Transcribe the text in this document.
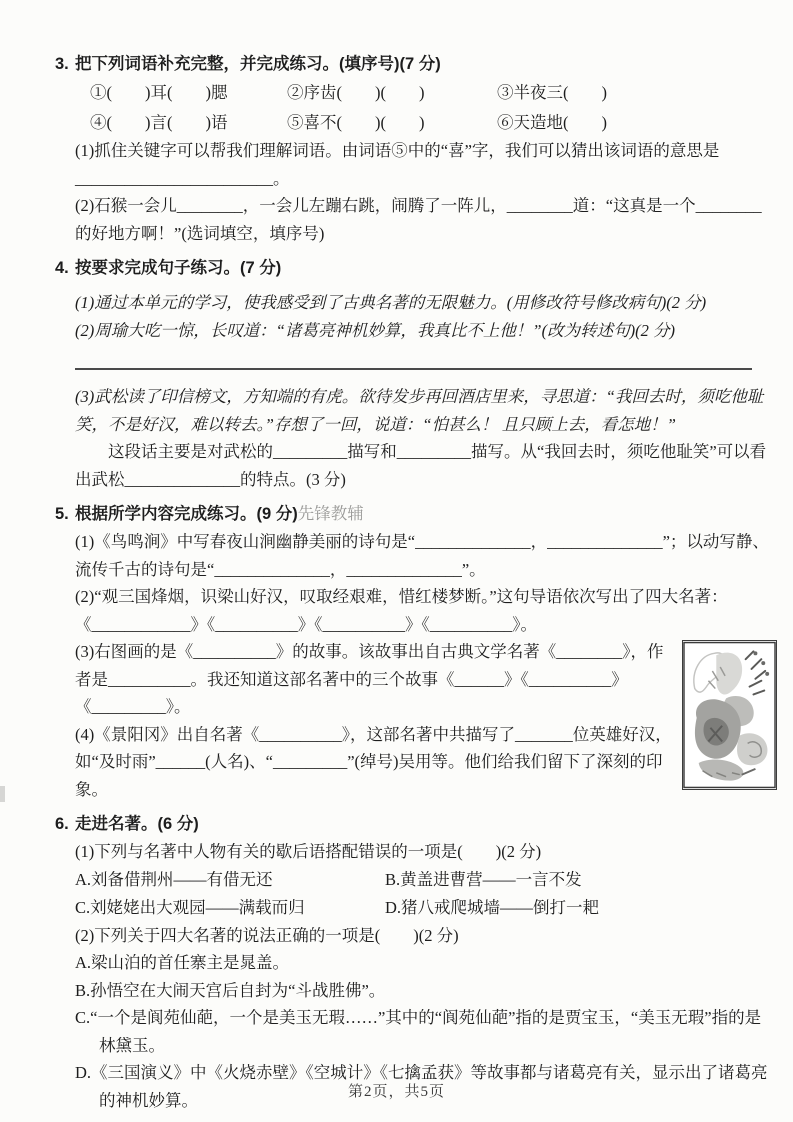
3. 把下列词语补充完整，并完成练习。(填序号)(7 分)
①(　　)耳(　　)腮	②序齿(　　)(　　)	③半夜三(　　)
④(　　)言(　　)语	⑤喜不(　　)(　　)	⑥天造地(　　)

(1)抓住关键字可以帮我们理解词语。由词语⑤中的“喜”字，我们可以猜出该词语的意思是

________________________。

(2)石猴一会儿________，一会儿左蹦右跳，闹腾了一阵儿，________道：“这真是一个________的好地方啊！”(选词填空，填序号)

4. 按要求完成句子练习。(7 分)

(1)通过本单元的学习，使我感受到了古典名著的无限魅力。(用修改符号修改病句)(2 分)

(2)周瑜大吃一惊，长叹道：“诸葛亮神机妙算，我真比不上他！”(改为转述句)(2 分)

(3)武松读了印信榜文，方知端的有虎。欲待发步再回酒店里来，寻思道：“我回去时，须吃他耻笑，不是好汉，难以转去。”存想了一回，说道：“怕甚么！ 且只顾上去，看怎地！”

　　这段话主要是对武松的_________描写和_________描写。从“我回去时，须吃他耻笑”可以看出武松______________的特点。(3 分)

5. 根据所学内容完成练习。(9 分)先锋教辅

(1)《鸟鸣涧》中写春夜山涧幽静美丽的诗句是“______________，______________”；以动写静、流传千古的诗句是“______________，______________”。

(2)“观三国烽烟，识梁山好汉，叹取经艰难，惜红楼梦断。”这句导语依次写出了四大名著：《____________》《__________》《__________》《__________》。

(3)右图画的是《__________》的故事。该故事出自古典文学名著《________》，作者是__________。我还知道这部名著中的三个故事《______》《__________》《_________》。

(4)《景阳冈》出自名著《__________》，这部名著中共描写了_______位英雄好汉，如“及时雨”______(人名)、“_________”(绰号)吴用等。他们给我们留下了深刻的印象。

6. 走进名著。(6 分)

(1)下列与名著中人物有关的歇后语搭配错误的一项是(　　)(2 分)

A.刘备借荆州——有借无还	B.黄盖进曹营——一言不发
C.刘姥姥出大观园——满载而归	D.猪八戒爬城墙——倒打一耙

(2)下列关于四大名著的说法正确的一项是(　　)(2 分)

A.梁山泊的首任寨主是晁盖。

B.孙悟空在大闹天宫后自封为“斗战胜佛”。

C.“一个是阆苑仙葩，一个是美玉无瑕……”其中的“阆苑仙葩”指的是贾宝玉，“美玉无瑕”指的是林黛玉。

D.《三国演义》中《火烧赤壁》《空城计》《七擒孟获》等故事都与诸葛亮有关，显示出了诸葛亮的神机妙算。	第2页，共5页
